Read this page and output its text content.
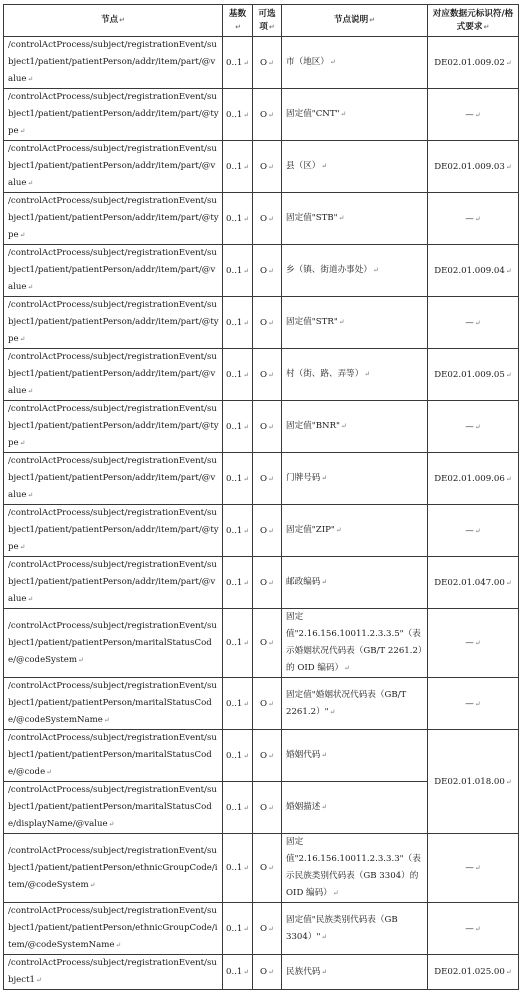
节点↵	基数↵	可选项↵	节点说明↵	对应数据元标识符/格式要求↵
/controlActProcess/subject/registrationEvent/subject1/patient/patientPerson/addr/item/part/@value↵	0..1↵	O↵	市（地区）↵	DE02.01.009.02↵
/controlActProcess/subject/registrationEvent/subject1/patient/patientPerson/addr/item/part/@type↵	0..1↵	O↵	固定值"CNT"↵	—↵
/controlActProcess/subject/registrationEvent/subject1/patient/patientPerson/addr/item/part/@value↵	0..1↵	O↵	县（区）↵	DE02.01.009.03↵
/controlActProcess/subject/registrationEvent/subject1/patient/patientPerson/addr/item/part/@type↵	0..1↵	O↵	固定值"STB"↵	—↵
/controlActProcess/subject/registrationEvent/subject1/patient/patientPerson/addr/item/part/@value↵	0..1↵	O↵	乡（镇、街道办事处）↵	DE02.01.009.04↵
/controlActProcess/subject/registrationEvent/subject1/patient/patientPerson/addr/item/part/@type↵	0..1↵	O↵	固定值"STR"↵	—↵
/controlActProcess/subject/registrationEvent/subject1/patient/patientPerson/addr/item/part/@value↵	0..1↵	O↵	村（街、路、弄等）↵	DE02.01.009.05↵
/controlActProcess/subject/registrationEvent/subject1/patient/patientPerson/addr/item/part/@type↵	0..1↵	O↵	固定值"BNR"↵	—↵
/controlActProcess/subject/registrationEvent/subject1/patient/patientPerson/addr/item/part/@value↵	0..1↵	O↵	门牌号码↵	DE02.01.009.06↵
/controlActProcess/subject/registrationEvent/subject1/patient/patientPerson/addr/item/part/@type↵	0..1↵	O↵	固定值"ZIP"↵	—↵
/controlActProcess/subject/registrationEvent/subject1/patient/patientPerson/addr/item/part/@value↵	0..1↵	O↵	邮政编码↵	DE02.01.047.00↵
/controlActProcess/subject/registrationEvent/subject1/patient/patientPerson/maritalStatusCode/@codeSystem↵	0..1↵	O↵	固定值"2.16.156.10011.2.3.3.5"（表示婚姻状况代码表（GB/T 2261.2）的 OID 编码）↵	—↵
/controlActProcess/subject/registrationEvent/subject1/patient/patientPerson/maritalStatusCode/@codeSystemName↵	0..1↵	O↵	固定值"婚姻状况代码表（GB/T 2261.2）"↵	—↵
/controlActProcess/subject/registrationEvent/subject1/patient/patientPerson/maritalStatusCode/@code↵	0..1↵	O↵	婚姻代码↵	DE02.01.018.00↵
/controlActProcess/subject/registrationEvent/subject1/patient/patientPerson/maritalStatusCode/displayName/@value↵	0..1↵	O↵	婚姻描述↵	
/controlActProcess/subject/registrationEvent/subject1/patient/patientPerson/ethnicGroupCode/item/@codeSystem↵	0..1↵	O↵	固定值"2.16.156.10011.2.3.3.3"（表示民族类别代码表（GB 3304）的 OID 编码）↵	—↵
/controlActProcess/subject/registrationEvent/subject1/patient/patientPerson/ethnicGroupCode/item/@codeSystemName↵	0..1↵	O↵	固定值"民族类别代码表（GB 3304）"↵	—↵
/controlActProcess/subject/registrationEvent/subject1↵	0..1↵	O↵	民族代码↵	DE02.01.025.00↵
